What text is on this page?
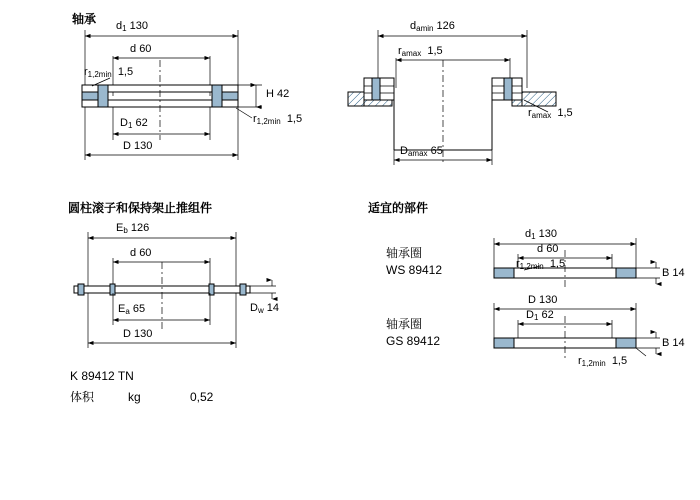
轴承
圆柱滚子和保持架止推组件	适宜的部件
$d_1$ 130
d 60
$r_{1,2min}$ 1,5
H 42
$r_{1,2min}$ 1,5
$D_1$ 62
D 130
$d_{amin}$ 126
$r_{amax}$ 1,5
$r_{amax}$ 1,5
$D_{amax}$ 65
$E_b$ 126
d 60
$E_a$ 65	$D_w$ 14
D 130
K 89412 TN
体积	kg	0,52
轴承圈
WS 89412
$d_1$ 130
d 60
$r_{1,2min}$ 1,5
B 14
轴承圈
GS 89412
D 130
$D_1$ 62
B 14
$r_{1,2min}$ 1,5
